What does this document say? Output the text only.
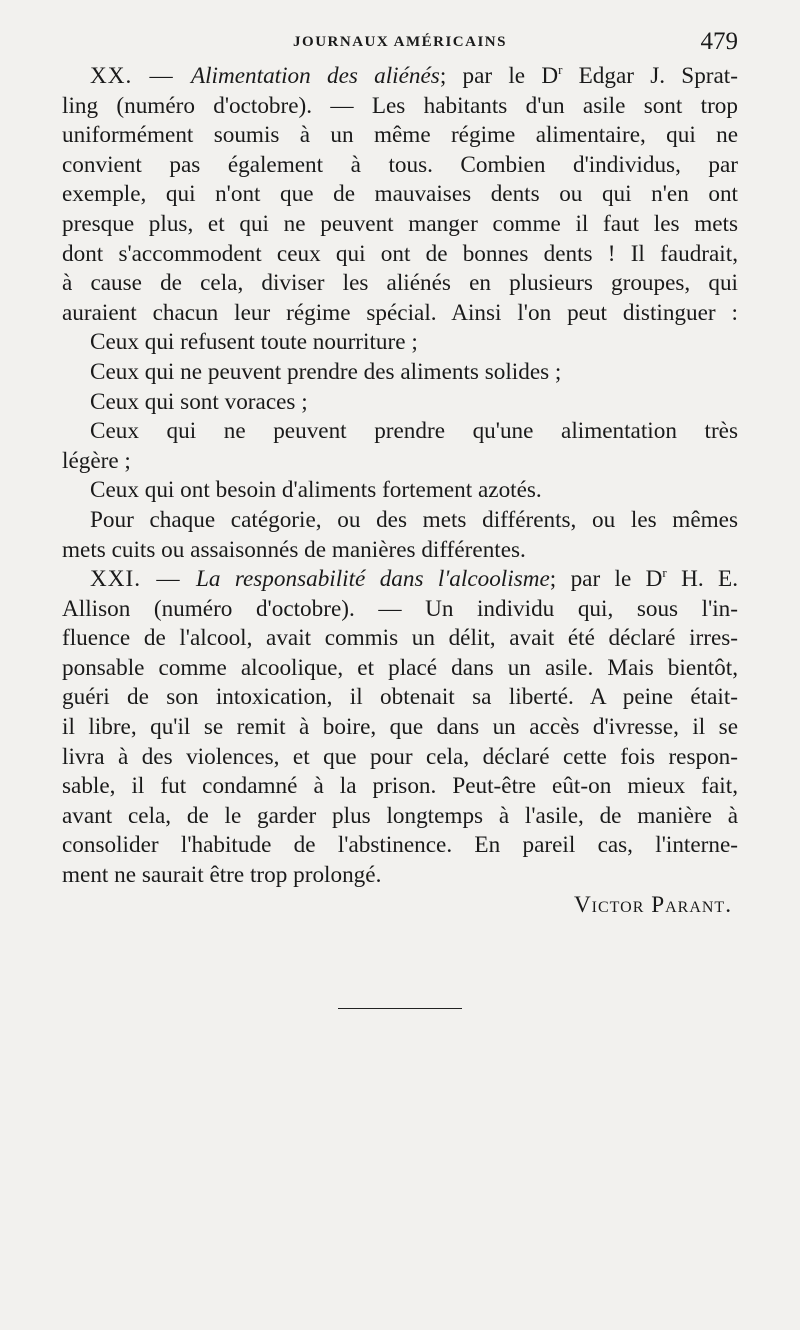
JOURNAUX AMÉRICAINS	479
XX. — Alimentation des aliénés; par le $D^r$ Edgar J. Sprat-
ling (numéro d'octobre). — Les habitants d'un asile sont trop
uniformément soumis à un même régime alimentaire, qui ne
convient pas également à tous. Combien d'individus, par
exemple, qui n'ont que de mauvaises dents ou qui n'en ont
presque plus, et qui ne peuvent manger comme il faut les mets
dont s'accommodent ceux qui ont de bonnes dents ! Il faudrait,
à cause de cela, diviser les aliénés en plusieurs groupes, qui
auraient chacun leur régime spécial. Ainsi l'on peut distinguer :
Ceux qui refusent toute nourriture ;
Ceux qui ne peuvent prendre des aliments solides ;
Ceux qui sont voraces ;
Ceux qui ne peuvent prendre qu'une alimentation très
légère ;
Ceux qui ont besoin d'aliments fortement azotés.
Pour chaque catégorie, ou des mets différents, ou les mêmes
mets cuits ou assaisonnés de manières différentes.
XXI. — La responsabilité dans l'alcoolisme; par le $D^r$ H. E.
Allison (numéro d'octobre). — Un individu qui, sous l'in-
fluence de l'alcool, avait commis un délit, avait été déclaré irres-
ponsable comme alcoolique, et placé dans un asile. Mais bientôt,
guéri de son intoxication, il obtenait sa liberté. A peine était-
il libre, qu'il se remit à boire, que dans un accès d'ivresse, il se
livra à des violences, et que pour cela, déclaré cette fois respon-
sable, il fut condamné à la prison. Peut-être eût-on mieux fait,
avant cela, de le garder plus longtemps à l'asile, de manière à
consolider l'habitude de l'abstinence. En pareil cas, l'interne-
ment ne saurait être trop prolongé.
Victor Parant.
